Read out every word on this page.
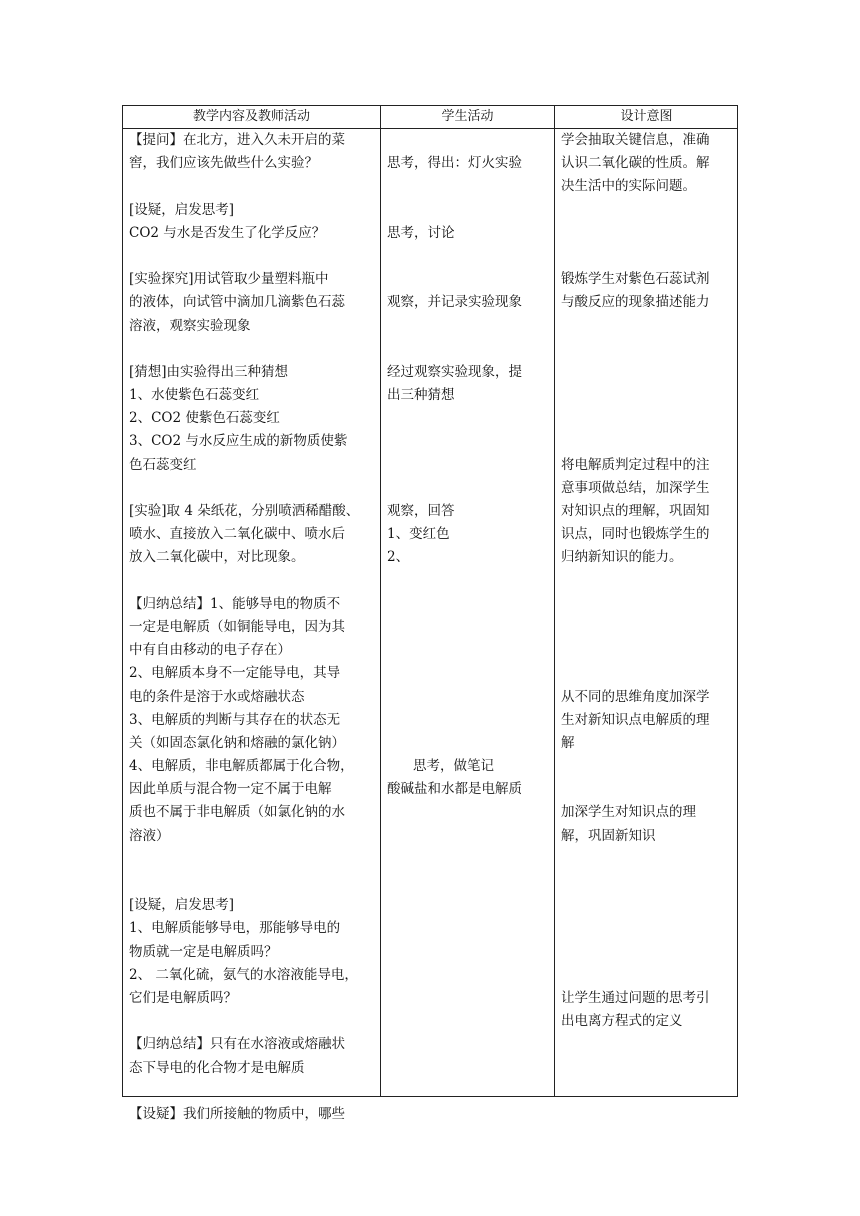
教学内容及教师活动	学生活动	设计意图
【提问】在北方，进入久未开启的菜
窖，我们应该先做些什么实验？
[设疑，启发思考]
CO2 与水是否发生了化学反应？
[实验探究]用试管取少量塑料瓶中
的液体，向试管中滴加几滴紫色石蕊
溶液，观察实验现象
[猜想]由实验得出三种猜想
1、水使紫色石蕊变红
2、CO2 使紫色石蕊变红
3、CO2 与水反应生成的新物质使紫
色石蕊变红
[实验]取 4 朵纸花，分别喷洒稀醋酸、
喷水、直接放入二氧化碳中、喷水后
放入二氧化碳中，对比现象。
【归纳总结】1、能够导电的物质不
一定是电解质（如铜能导电，因为其
中有自由移动的电子存在）
2、电解质本身不一定能导电，其导
电的条件是溶于水或熔融状态
3、电解质的判断与其存在的状态无
关（如固态氯化钠和熔融的氯化钠）
4、电解质，非电解质都属于化合物，
因此单质与混合物一定不属于电解
质也不属于非电解质（如氯化钠的水
溶液）
[设疑，启发思考]
1、电解质能够导电，那能够导电的
物质就一定是电解质吗？
2、 二氧化硫，氨气的水溶液能导电，
它们是电解质吗？
【归纳总结】只有在水溶液或熔融状
态下导电的化合物才是电解质
【设疑】我们所接触的物质中，哪些
思考，得出：灯火实验
思考，讨论
观察，并记录实验现象
经过观察实验现象，提
出三种猜想
观察，回答
1、变红色
2、
思考，做笔记
酸碱盐和水都是电解质
学会抽取关键信息，准确
认识二氧化碳的性质。解
决生活中的实际问题。
锻炼学生对紫色石蕊试剂
与酸反应的现象描述能力
将电解质判定过程中的注
意事项做总结，加深学生
对知识点的理解，巩固知
识点，同时也锻炼学生的
归纳新知识的能力。
从不同的思维角度加深学
生对新知识点电解质的理
解
加深学生对知识点的理
解，巩固新知识
让学生通过问题的思考引
出电离方程式的定义
